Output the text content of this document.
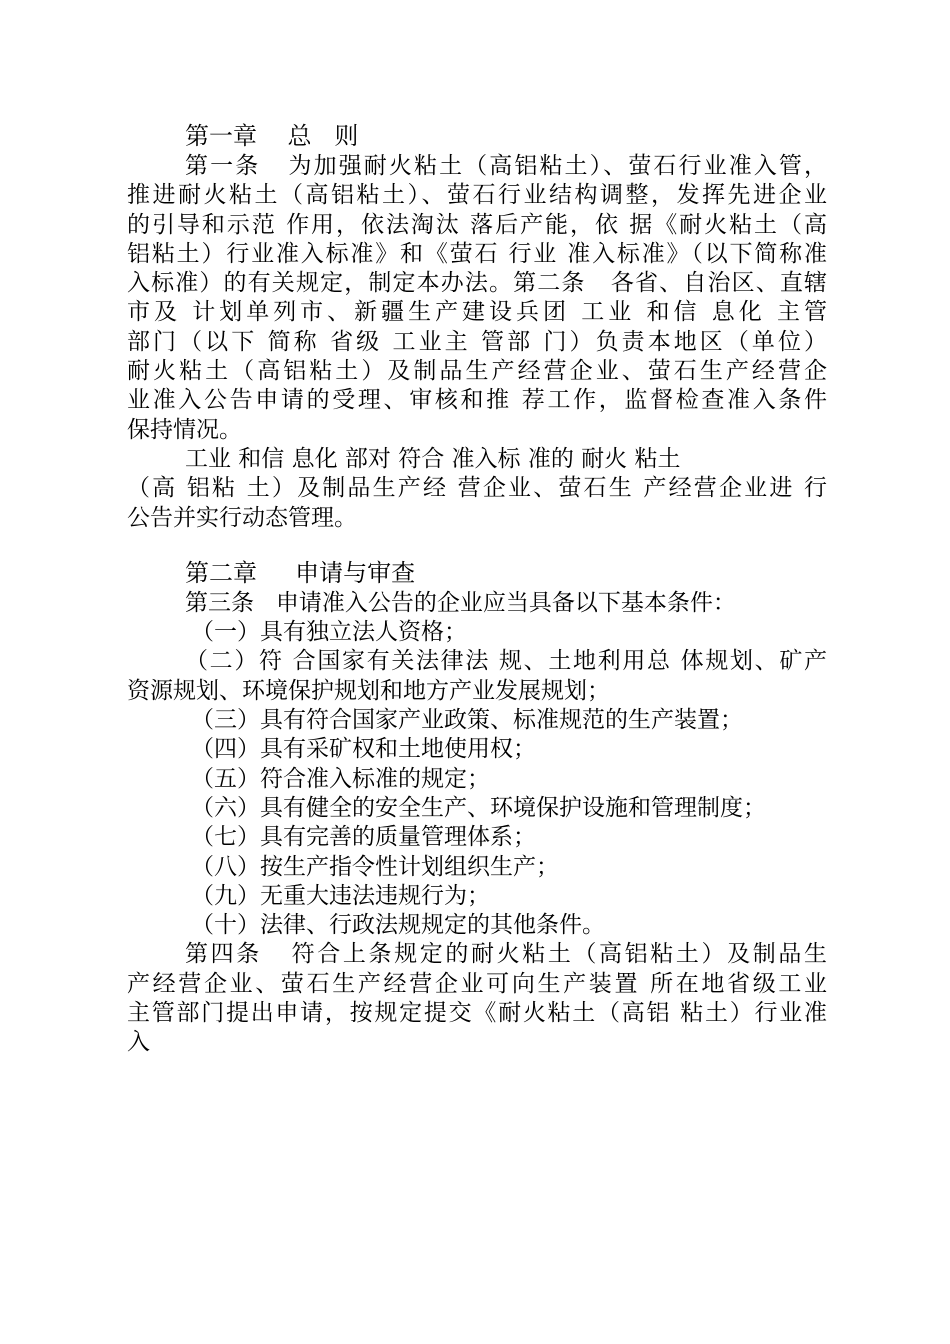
第一章    总   则

第一条   为加强耐火粘土（高铝粘土）、萤石行业准入管，

推进耐火粘土（高铝粘土）、萤石行业结构调整，发挥先进企业

的引导和示范 作用，依法淘汰 落后产能，依 据《耐火粘土（高

铝粘土）行业准入标准》和《萤石 行业 准入标准》（以下简称准

入标准）的有关规定，制定本办法。第二条   各省、自治区、直辖

市及 计划单列市、新疆生产建设兵团 工业 和信 息化 主管

部门（以下 简称 省级 工业主 管部 门）负责本地区（单位）

耐火粘土（高铝粘土）及制品生产经营企业、萤石生产经营企

业准入公告申请的受理、审核和推 荐工作，监督检查准入条件

保持情况。

工业 和信 息化 部对 符合 准入标 准的 耐火 粘土

（高 铝粘 土）及制品生产经 营企业、萤石生 产经营企业进 行

公告并实行动态管理。

第二章     申请与审查

第三条   申请准入公告的企业应当具备以下基本条件：

（一）具有独立法人资格；

（二）符 合国家有关法律法 规、土地利用总 体规划、矿产

资源规划、环境保护规划和地方产业发展规划；

（三）具有符合国家产业政策、标准规范的生产装置；

（四）具有采矿权和土地使用权；

（五）符合准入标准的规定；

（六）具有健全的安全生产、环境保护设施和管理制度；

（七）具有完善的质量管理体系；

（八）按生产指令性计划组织生产；

（九）无重大违法违规行为；

（十）法律、行政法规规定的其他条件。

第四条   符合上条规定的耐火粘土（高铝粘土）及制品生

产经营企业、萤石生产经营企业可向生产装置 所在地省级工业

主管部门提出申请，按规定提交《耐火粘土（高铝 粘土）行业准

入
